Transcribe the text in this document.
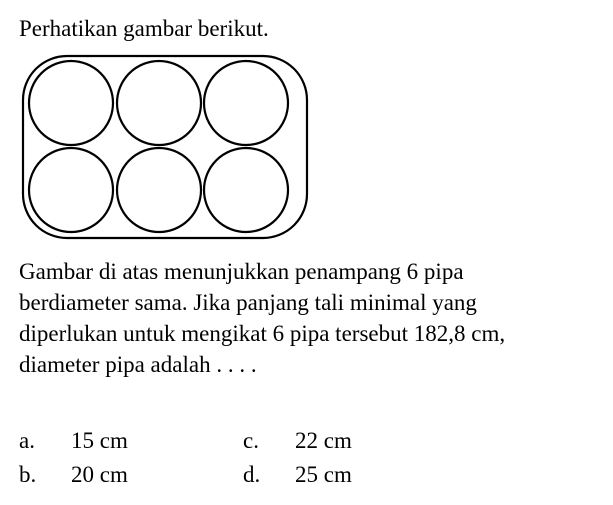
Perhatikan gambar berikut.
Gambar di atas menunjukkan penampang 6 pipa
berdiameter sama. Jika panjang tali minimal yang
diperlukan untuk mengikat 6 pipa tersebut 182,8 cm,
diameter pipa adalah . . . .
a. 15 cm
b. 20 cm
c. 22 cm
d. 25 cm
